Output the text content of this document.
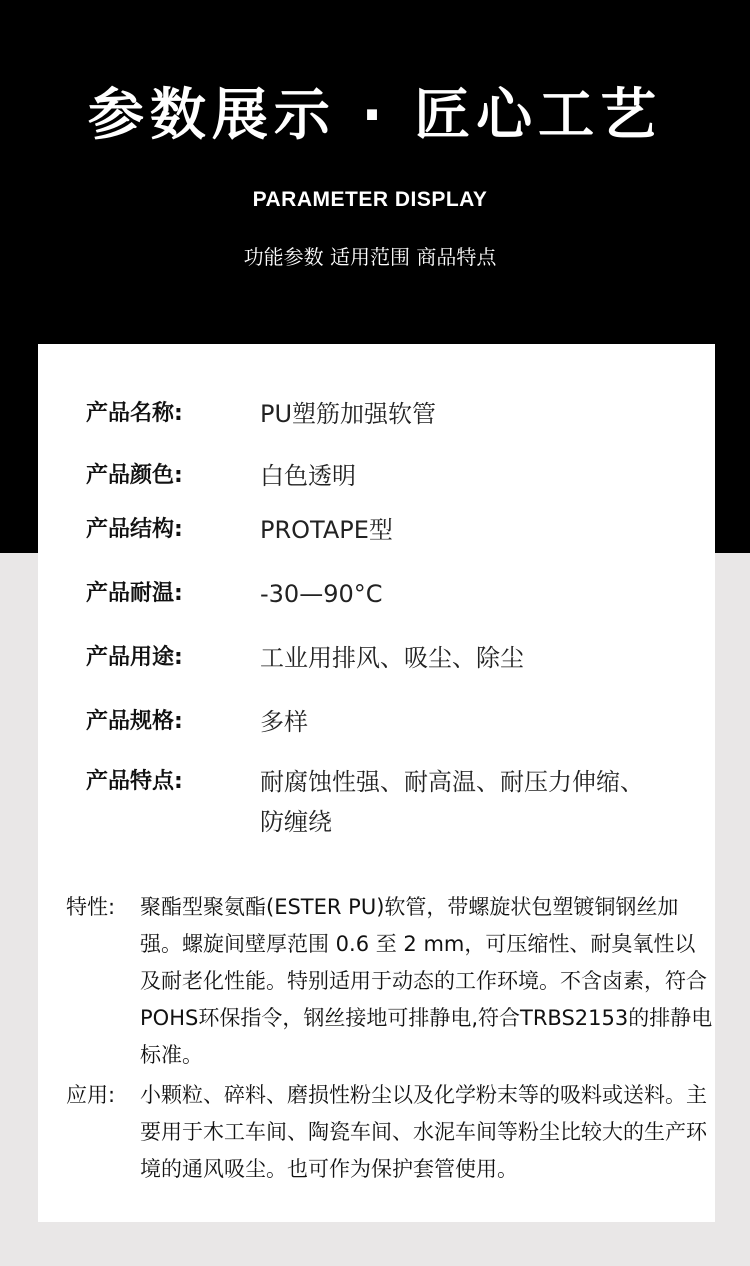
参数展示 · 匠心工艺
PARAMETER DISPLAY
功能参数 适用范围 商品特点
产品名称:	PU塑筋加强软管
产品颜色:	白色透明
产品结构:	PROTAPE型
产品耐温:	-30—90°C
产品用途:	工业用排风、吸尘、除尘
产品规格:	多样
产品特点:	耐腐蚀性强、耐高温、耐压力伸缩、防缠绕
特性: 聚酯型聚氨酯(ESTER PU)软管，带螺旋状包塑镀铜钢丝加强。螺旋间壁厚范围 0.6 至 2 mm，可压缩性、耐臭氧性以及耐老化性能。特别适用于动态的工作环境。不含卤素，符合POHS环保指令，钢丝接地可排静电,符合TRBS2153的排静电标准。
应用: 小颗粒、碎料、磨损性粉尘以及化学粉末等的吸料或送料。主要用于木工车间、陶瓷车间、水泥车间等粉尘比较大的生产环境的通风吸尘。也可作为保护套管使用。
